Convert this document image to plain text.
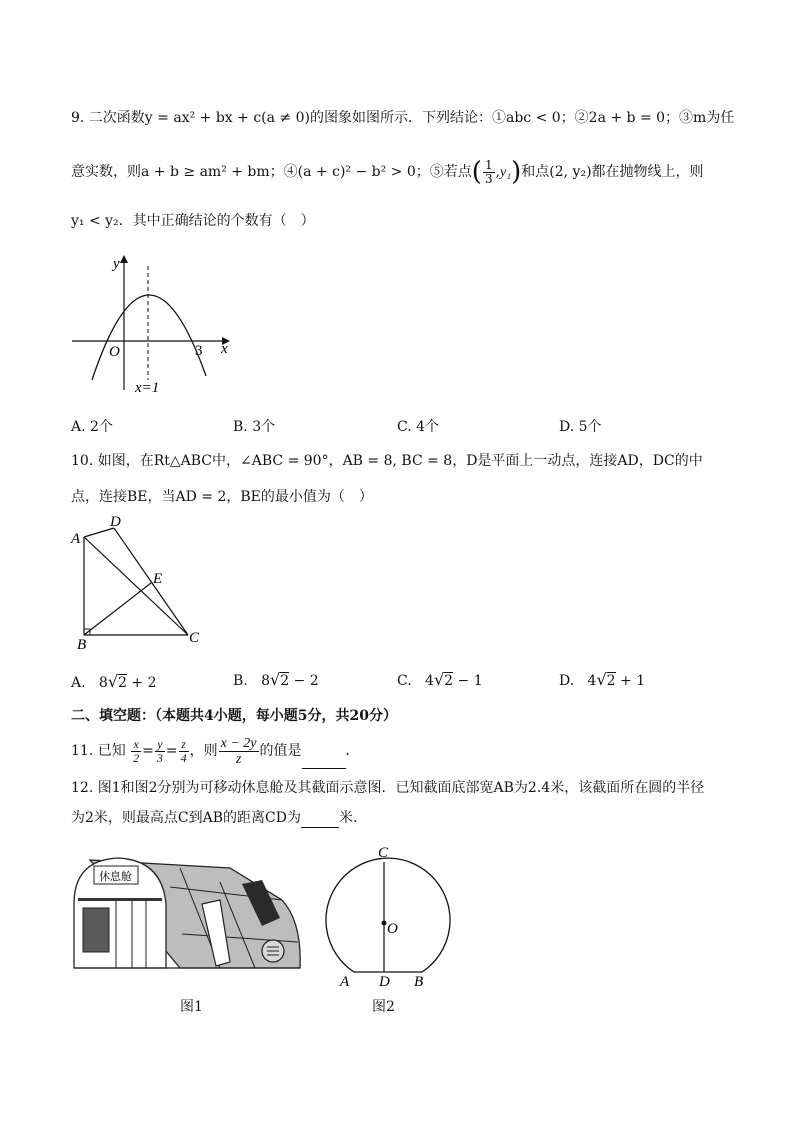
9. 二次函数y = ax² + bx + c(a ≠ 0)的图象如图所示．下列结论：①abc < 0；②2a + b = 0；③m为任
意实数，则a + b ≥ am² + bm；④(a + c)² − b² > 0；⑤若点( $\frac{1}{3} ,y_1$)和点(2, y₂)都在抛物线上，则
y₁ < y₂．其中正确结论的个数有（　）
y
x
O	3
x=1
A. 2个	B. 3个	C. 4个	D. 5个
10. 如图，在Rt△ABC中，∠ABC = 90°，AB = 8, BC = 8，D是平面上一动点，连接AD，DC的中
点，连接BE，当AD = 2，BE的最小值为（　）
A
D
E
B	C
A. 8√2 + 2	B. 8√2 − 2	C. 4√2 − 1	D. 4√2 + 1
二、填空题：（本题共4小题，每小题5分，共20分）
11. 已知 $\frac{x}{2} = \frac{y}{3} = \frac{z}{4}$ ，则 $\frac{x - 2y}{z}$ 的值是	．
12. 图1和图2分别为可移动休息舱及其截面示意图．已知截面底部宽AB为2.4米，该截面所在圆的半径
为2米，则最高点C到AB的距离CD为	米．
休息舱
图1
C
O
A D B
图2
